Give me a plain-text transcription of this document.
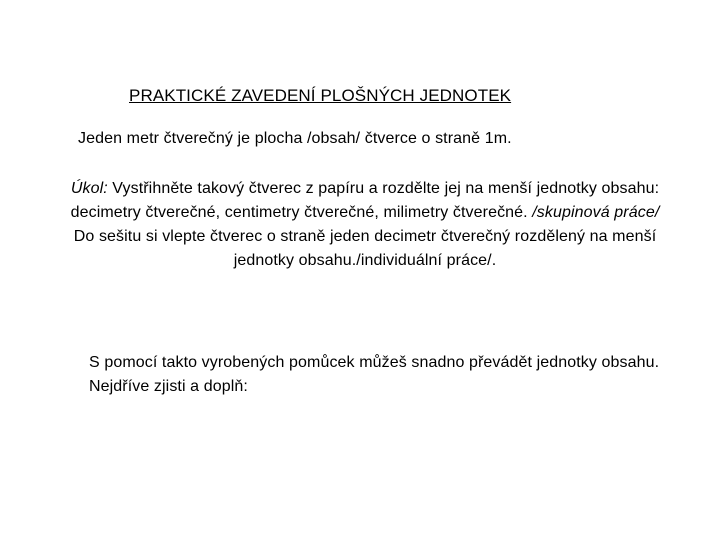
PRAKTICKÉ ZAVEDENÍ PLOŠNÝCH JEDNOTEK
Jeden metr čtverečný je plocha /obsah/ čtverce o straně 1m.

Úkol: Vystřihněte takový čtverec z papíru a rozdělte jej na menší jednotky obsahu: decimetry čtverečné, centimetry čtverečné, milimetry čtverečné. /skupinová práce/

Do sešitu si vlepte čtverec o straně jeden decimetr čtverečný rozdělený na menší jednotky obsahu./individuální práce/.

S pomocí takto vyrobených pomůcek můžeš snadno převádět jednotky obsahu. Nejdříve zjisti a doplň:
